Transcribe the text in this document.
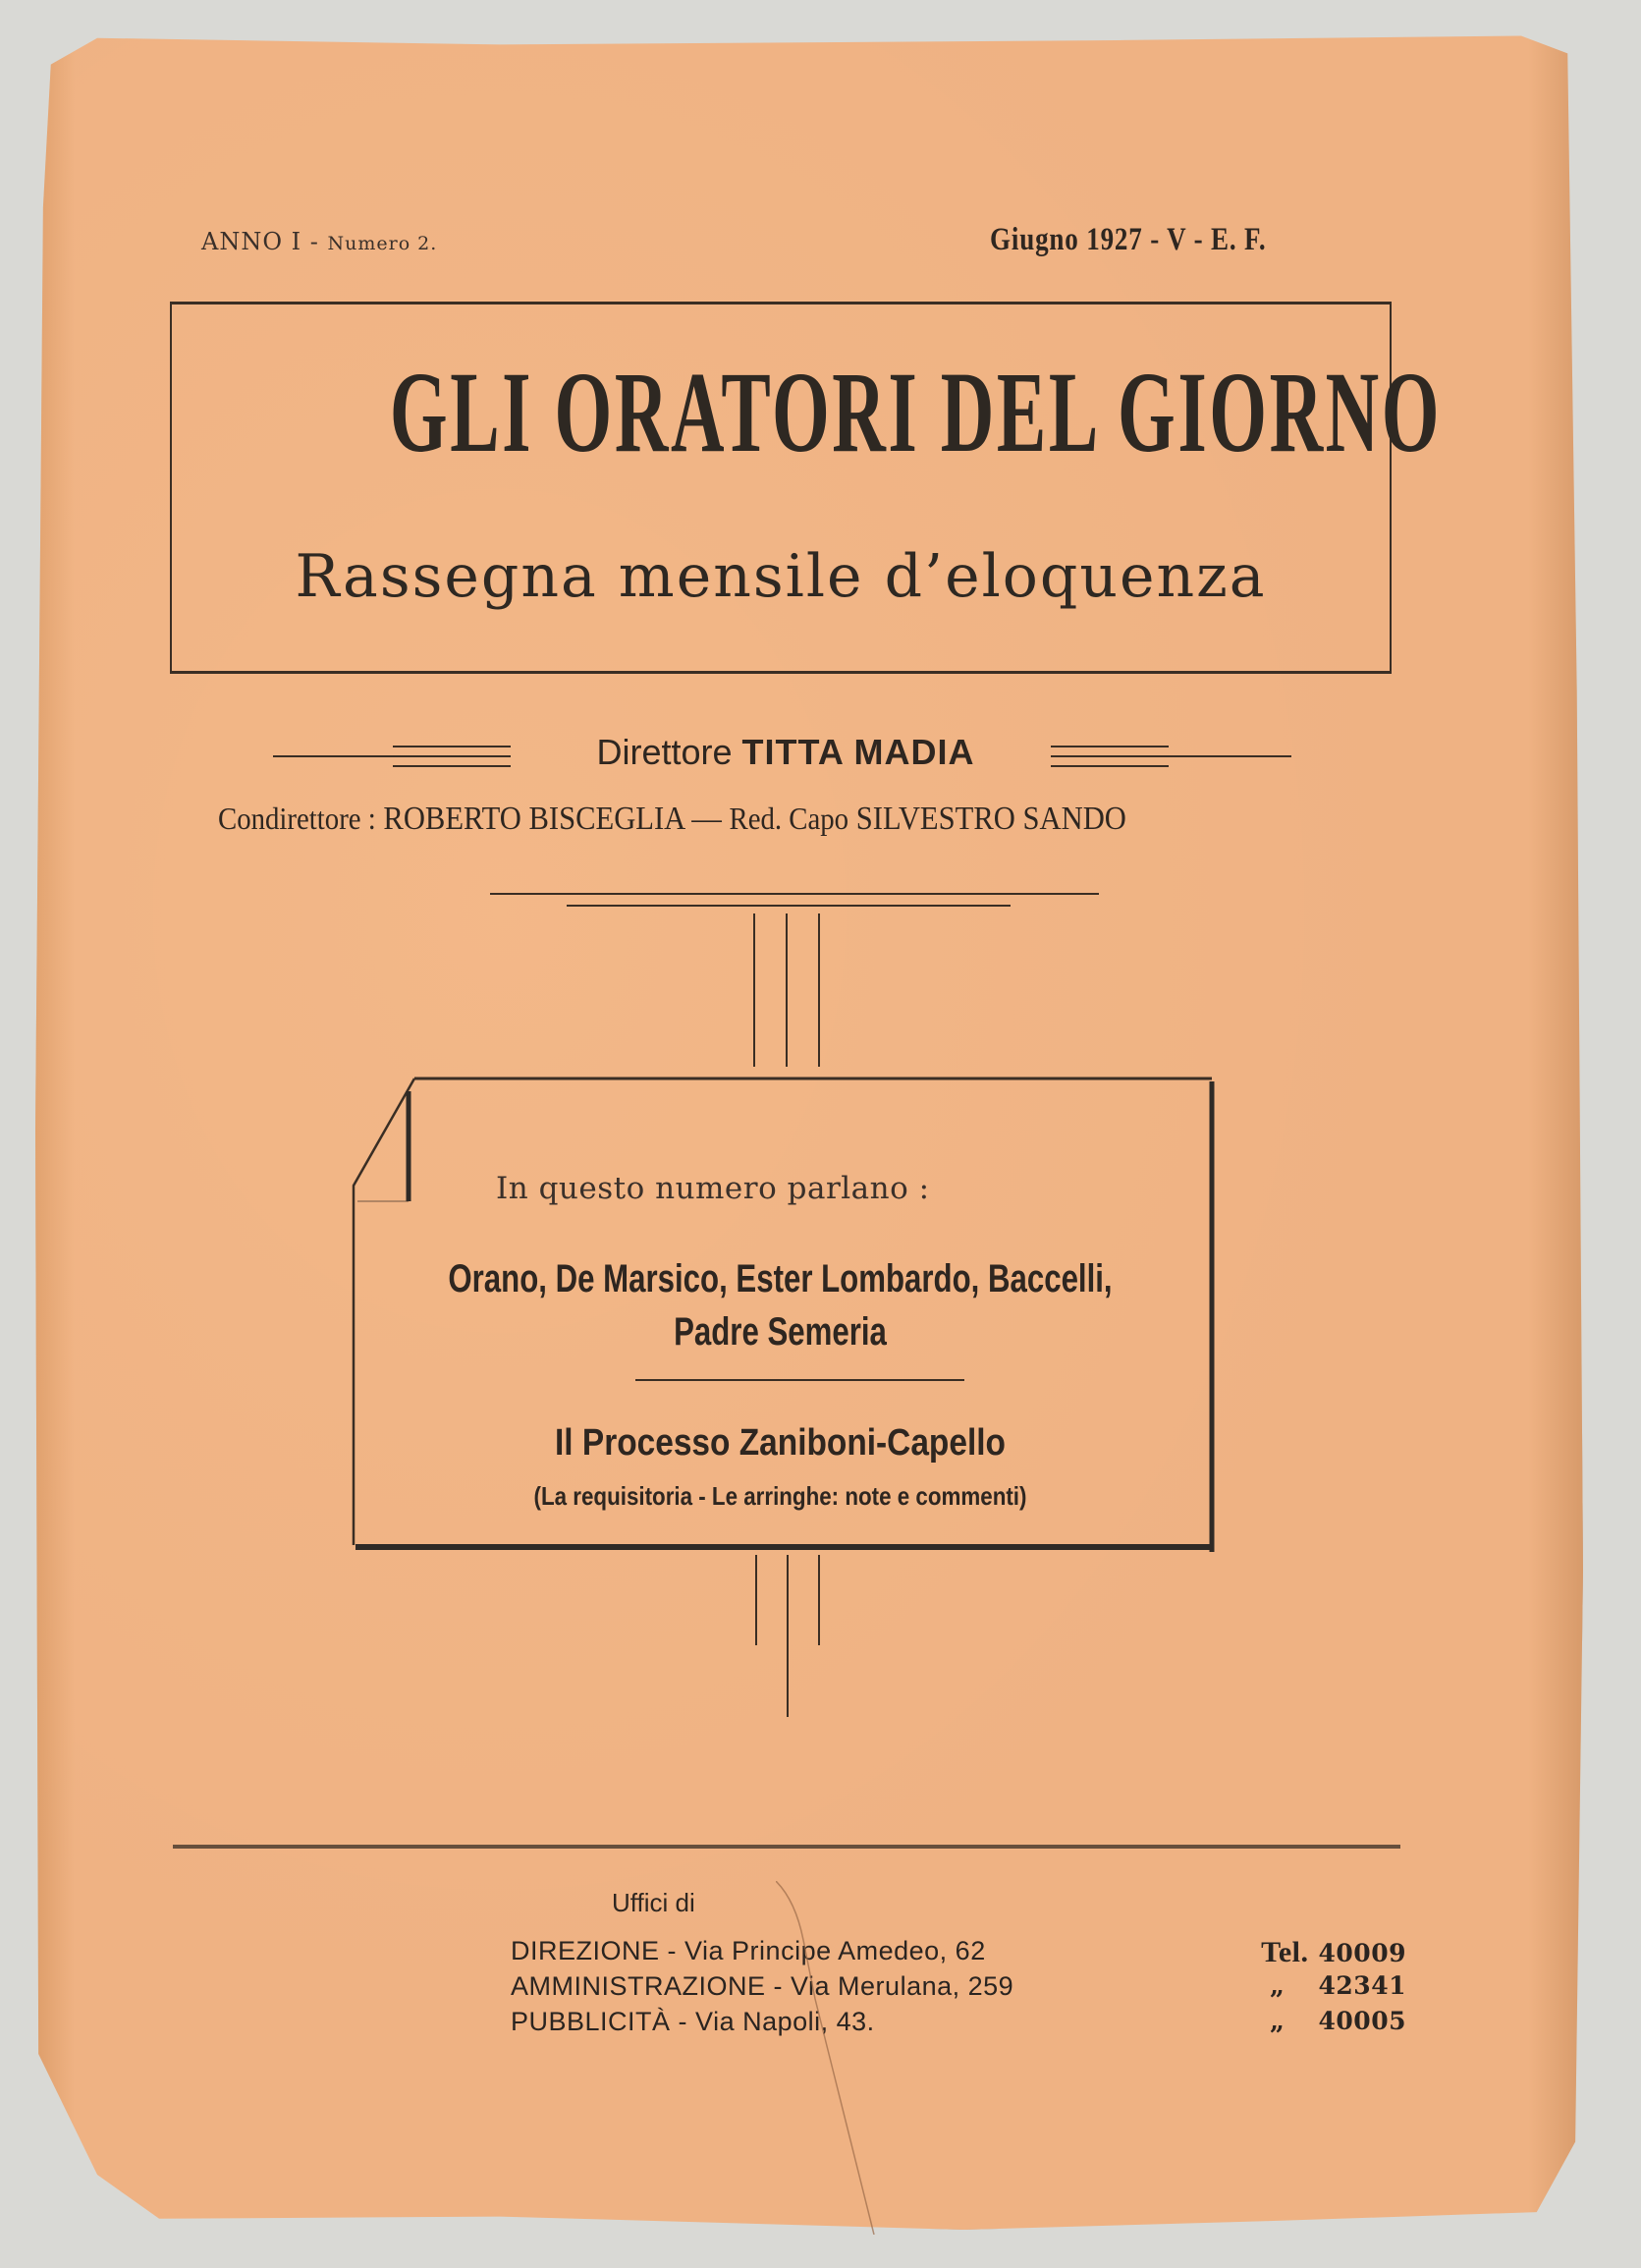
ANNO I - Numero 2.	Giugno 1927 - V - E. F.
GLI ORATORI DEL GIORNO
Rassegna mensile d’eloquenza
Direttore TITTA MADIA
Condirettore : ROBERTO BISCEGLIA — Red. Capo SILVESTRO SANDO
In questo numero parlano :
Orano, De Marsico, Ester Lombardo, Baccelli,
Padre Semeria
Il Processo Zaniboni-Capello
(La requisitoria - Le arringhe: note e commenti)
Uffici di
DIREZIONE - Via Principe Amedeo, 62	Tel. 40009
AMMINISTRAZIONE - Via Merulana, 259	„ 42341
PUBBLICITÀ - Via Napoli, 43.	„ 40005
